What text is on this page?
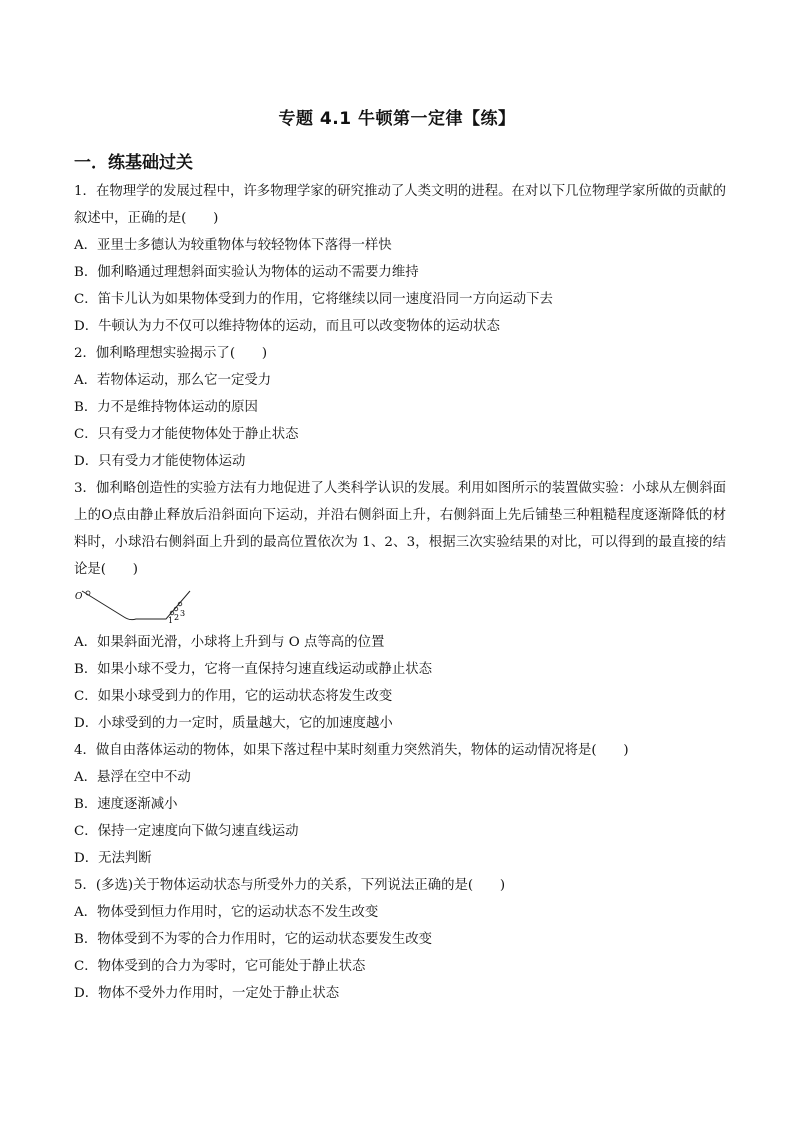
专题 4.1 牛顿第一定律【练】
一．练基础过关

1．在物理学的发展过程中，许多物理学家的研究推动了人类文明的进程。在对以下几位物理学家所做的贡献的叙述中，正确的是(　　)

A．亚里士多德认为较重物体与较轻物体下落得一样快

B．伽利略通过理想斜面实验认为物体的运动不需要力维持

C．笛卡儿认为如果物体受到力的作用，它将继续以同一速度沿同一方向运动下去

D．牛顿认为力不仅可以维持物体的运动，而且可以改变物体的运动状态

2．伽利略理想实验揭示了(　　)

A．若物体运动，那么它一定受力

B．力不是维持物体运动的原因

C．只有受力才能使物体处于静止状态

D．只有受力才能使物体运动

3．伽利略创造性的实验方法有力地促进了人类科学认识的发展。利用如图所示的装置做实验：小球从左侧斜面上的O点由静止释放后沿斜面向下运动，并沿右侧斜面上升，右侧斜面上先后铺垫三种粗糙程度逐渐降低的材料时，小球沿右侧斜面上升到的最高位置依次为 1、2、3，根据三次实验结果的对比，可以得到的最直接的结论是(　　)

O
1 2 3

A．如果斜面光滑，小球将上升到与 O 点等高的位置

B．如果小球不受力，它将一直保持匀速直线运动或静止状态

C．如果小球受到力的作用，它的运动状态将发生改变

D．小球受到的力一定时，质量越大，它的加速度越小

4．做自由落体运动的物体，如果下落过程中某时刻重力突然消失，物体的运动情况将是(　　)

A．悬浮在空中不动

B．速度逐渐减小

C．保持一定速度向下做匀速直线运动

D．无法判断

5．(多选)关于物体运动状态与所受外力的关系，下列说法正确的是(　　)

A．物体受到恒力作用时，它的运动状态不发生改变

B．物体受到不为零的合力作用时，它的运动状态要发生改变

C．物体受到的合力为零时，它可能处于静止状态

D．物体不受外力作用时，一定处于静止状态
